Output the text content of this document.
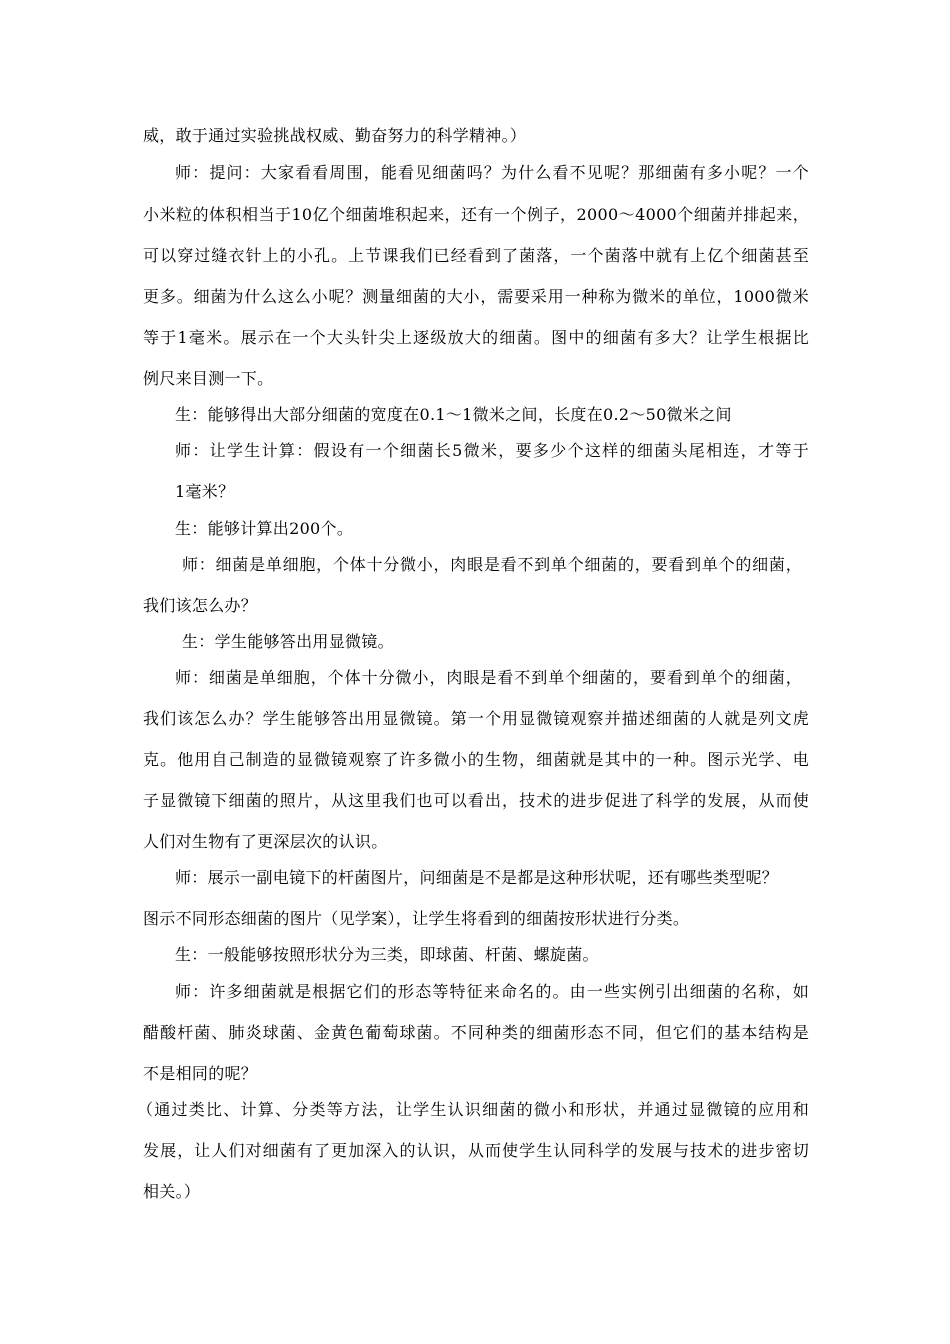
威，敢于通过实验挑战权威、勤奋努力的科学精神。）
师：提问：大家看看周围，能看见细菌吗？为什么看不见呢？那细菌有多小呢？一个
小米粒的体积相当于10亿个细菌堆积起来，还有一个例子，2000～4000个细菌并排起来，
可以穿过缝衣针上的小孔。上节课我们已经看到了菌落，一个菌落中就有上亿个细菌甚至
更多。细菌为什么这么小呢？测量细菌的大小，需要采用一种称为微米的单位，1000微米
等于1毫米。展示在一个大头针尖上逐级放大的细菌。图中的细菌有多大？让学生根据比
例尺来目测一下。
生：能够得出大部分细菌的宽度在0.1～1微米之间，长度在0.2～50微米之间
师：让学生计算：假设有一个细菌长5微米，要多少个这样的细菌头尾相连，才等于
1毫米？
生：能够计算出200个。
师：细菌是单细胞，个体十分微小，肉眼是看不到单个细菌的，要看到单个的细菌，
我们该怎么办？
生：学生能够答出用显微镜。
师：细菌是单细胞，个体十分微小，肉眼是看不到单个细菌的，要看到单个的细菌，
我们该怎么办？学生能够答出用显微镜。第一个用显微镜观察并描述细菌的人就是列文虎
克。他用自己制造的显微镜观察了许多微小的生物，细菌就是其中的一种。图示光学、电
子显微镜下细菌的照片，从这里我们也可以看出，技术的进步促进了科学的发展，从而使
人们对生物有了更深层次的认识。
师：展示一副电镜下的杆菌图片，问细菌是不是都是这种形状呢，还有哪些类型呢？
图示不同形态细菌的图片（见学案），让学生将看到的细菌按形状进行分类。
生：一般能够按照形状分为三类，即球菌、杆菌、螺旋菌。
师：许多细菌就是根据它们的形态等特征来命名的。由一些实例引出细菌的名称，如
醋酸杆菌、肺炎球菌、金黄色葡萄球菌。不同种类的细菌形态不同，但它们的基本结构是
不是相同的呢？
（通过类比、计算、分类等方法，让学生认识细菌的微小和形状，并通过显微镜的应用和
发展，让人们对细菌有了更加深入的认识，从而使学生认同科学的发展与技术的进步密切
相关。）
